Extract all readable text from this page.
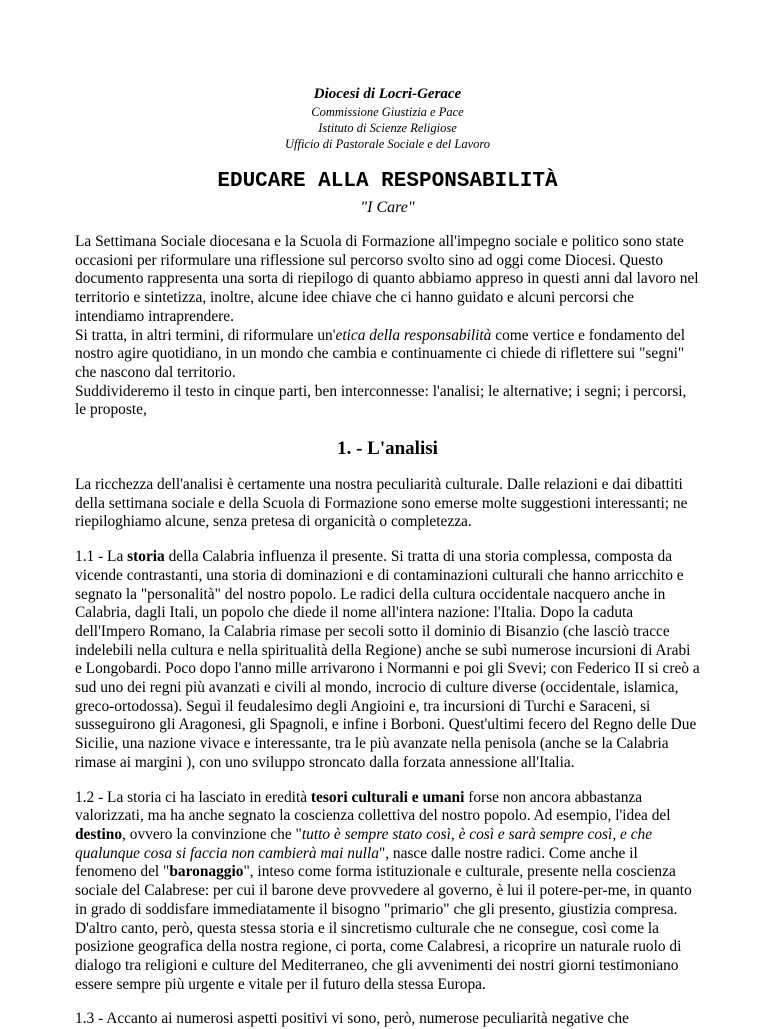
Diocesi di Locri-Gerace
Commissione Giustizia e Pace
Istituto di Scienze Religiose
Ufficio di Pastorale Sociale e del Lavoro
EDUCARE ALLA RESPONSABILITÀ
"I Care"

La Settimana Sociale diocesana e la Scuola di Formazione all'impegno sociale e politico sono state occasioni per riformulare una riflessione sul percorso svolto sino ad oggi come Diocesi. Questo documento rappresenta una sorta di riepilogo di quanto abbiamo appreso in questi anni dal lavoro nel territorio e sintetizza, inoltre, alcune idee chiave che ci hanno guidato e alcuni percorsi che intendiamo intraprendere.

Si tratta, in altri termini, di riformulare un'etica della responsabilità come vertice e fondamento del nostro agire quotidiano, in un mondo che cambia e continuamente ci chiede di riflettere sui "segni" che nascono dal territorio.

Suddivideremo il testo in cinque parti, ben interconnesse: l'analisi; le alternative; i segni; i percorsi, le proposte,

1. - L'analisi

La ricchezza dell'analisi è certamente una nostra peculiarità culturale. Dalle relazioni e dai dibattiti della settimana sociale e della Scuola di Formazione sono emerse molte suggestioni interessanti; ne riepiloghiamo alcune, senza pretesa di organicità o completezza.

1.1 - La storia della Calabria influenza il presente. Si tratta di una storia complessa, composta da vicende contrastanti, una storia di dominazioni e di contaminazioni culturali che hanno arricchito e segnato la "personalità" del nostro popolo. Le radici della cultura occidentale nacquero anche in Calabria, dagli Itali, un popolo che diede il nome all'intera nazione: l'Italia. Dopo la caduta dell'Impero Romano, la Calabria rimase per secoli sotto il dominio di Bisanzio (che lasciò tracce indelebili nella cultura e nella spiritualità della Regione) anche se subì numerose incursioni di Arabi e Longobardi. Poco dopo l'anno mille arrivarono i Normanni e poi gli Svevi; con Federico II si creò a sud uno dei regni più avanzati e civili al mondo, incrocio di culture diverse (occidentale, islamica, greco-ortodossa). Seguì il feudalesimo degli Angioini e, tra incursioni di Turchi e Saraceni, si susseguirono gli Aragonesi, gli Spagnoli, e infine i Borboni. Quest'ultimi fecero del Regno delle Due Sicilie, una nazione vivace e interessante, tra le più avanzate nella penisola (anche se la Calabria rimase ai margini ), con uno sviluppo stroncato dalla forzata annessione all'Italia.

1.2 - La storia ci ha lasciato in eredità tesori culturali e umani forse non ancora abbastanza valorizzati, ma ha anche segnato la coscienza collettiva del nostro popolo. Ad esempio, l'idea del destino, ovvero la convinzione che "tutto è sempre stato così, è così e sarà sempre così, e che qualunque cosa si faccia non cambierà mai nulla", nasce dalle nostre radici. Come anche il fenomeno del "baronaggio", inteso come forma istituzionale e culturale, presente nella coscienza sociale del Calabrese: per cui il barone deve provvedere al governo, è lui il potere-per-me, in quanto in grado di soddisfare immediatamente il bisogno "primario" che gli presento, giustizia compresa. D'altro canto, però, questa stessa storia e il sincretismo culturale che ne consegue, così come la posizione geografica della nostra regione, ci porta, come Calabresi, a ricoprire un naturale ruolo di dialogo tra religioni e culture del Mediterraneo, che gli avvenimenti dei nostri giorni testimoniano essere sempre più urgente e vitale per il futuro della stessa Europa.

1.3 - Accanto ai numerosi aspetti positivi vi sono, però, numerose peculiarità negative che
